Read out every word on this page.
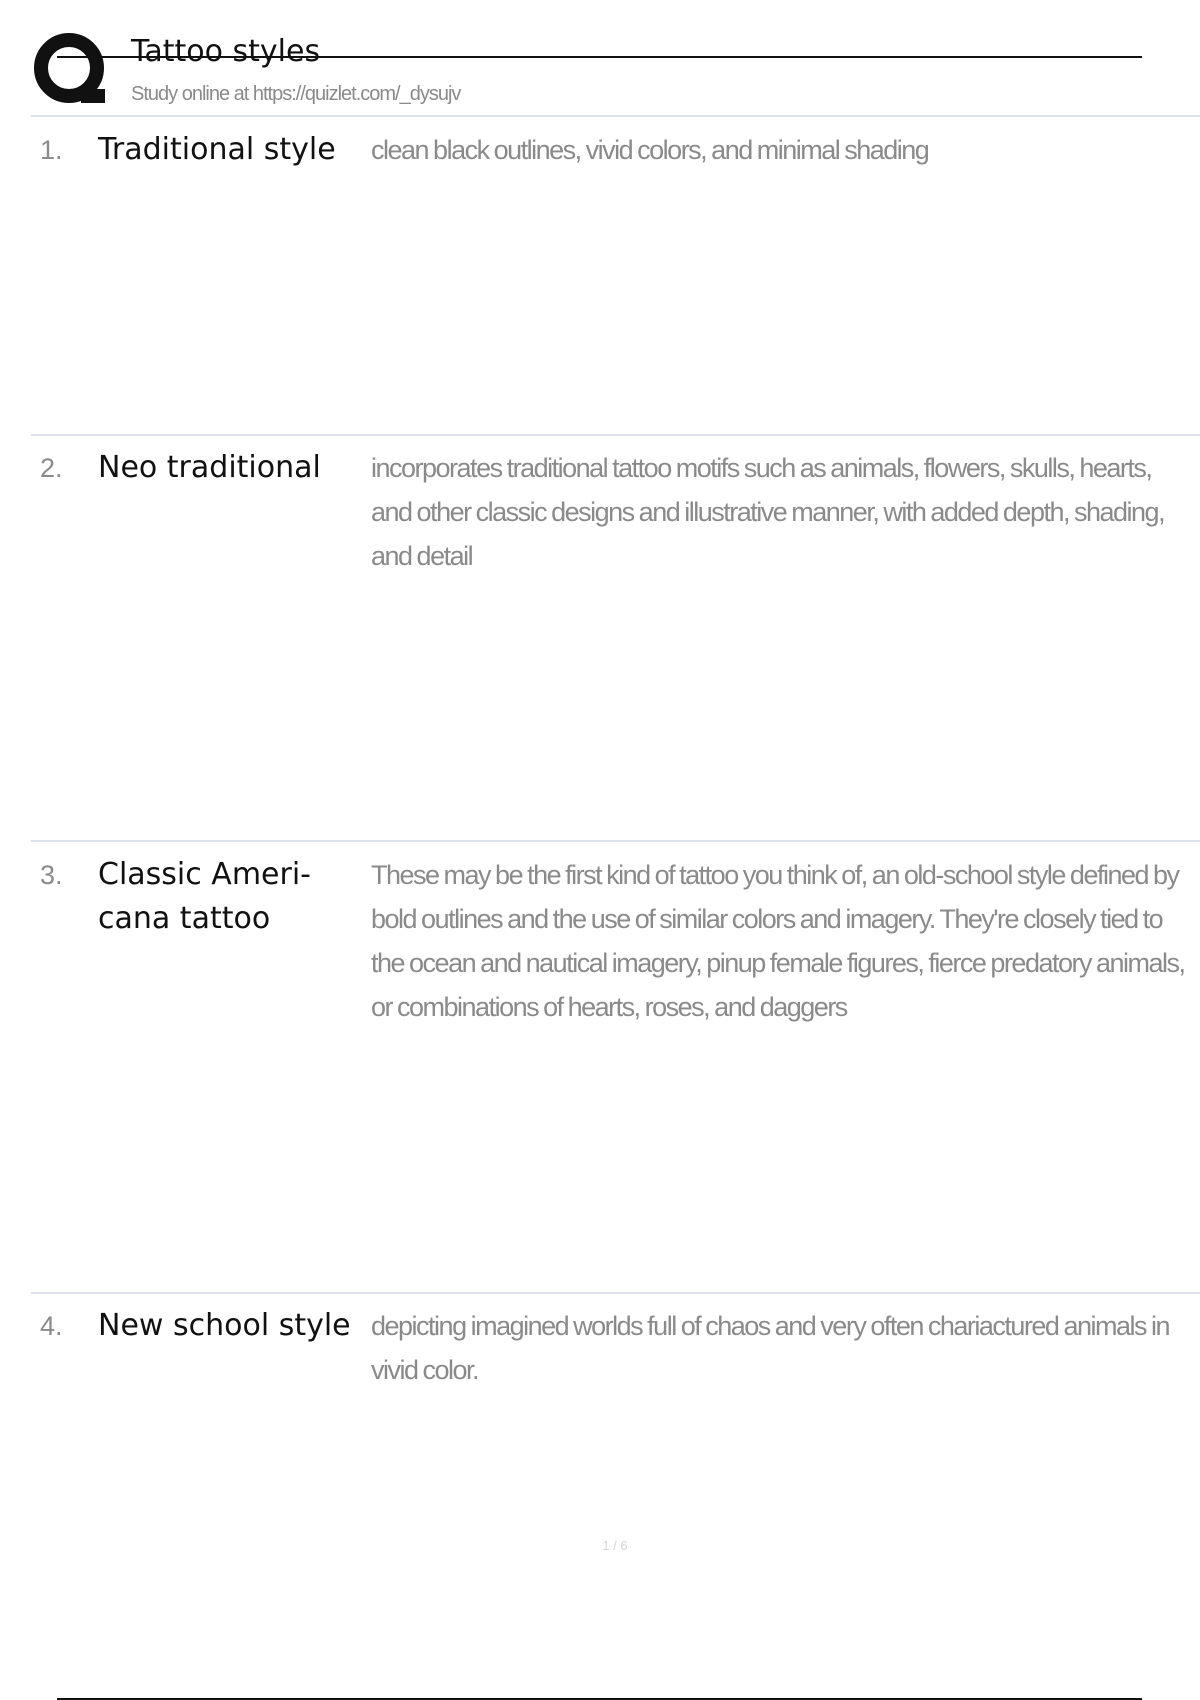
Tattoo styles
Study online at https://quizlet.com/_dysujv
1. Traditional style	clean black outlines, vivid colors, and minimal shading
2. Neo traditional	incorporates traditional tattoo motifs such as animals, flowers, skulls, hearts, and other classic designs and illustrative manner, with added depth, shading, and detail
3. Classic Ameri-cana tattoo
These may be the first kind of tattoo you think of, an old-school style defined by bold outlines and the use of similar colors and imagery. They're closely tied to the ocean and nautical imagery, pinup female figures, fierce predatory animals, or combinations of hearts, roses, and daggers
4. New school style depicting imagined worlds full of chaos and very often chariactured animals in vivid color.
1 / 6
